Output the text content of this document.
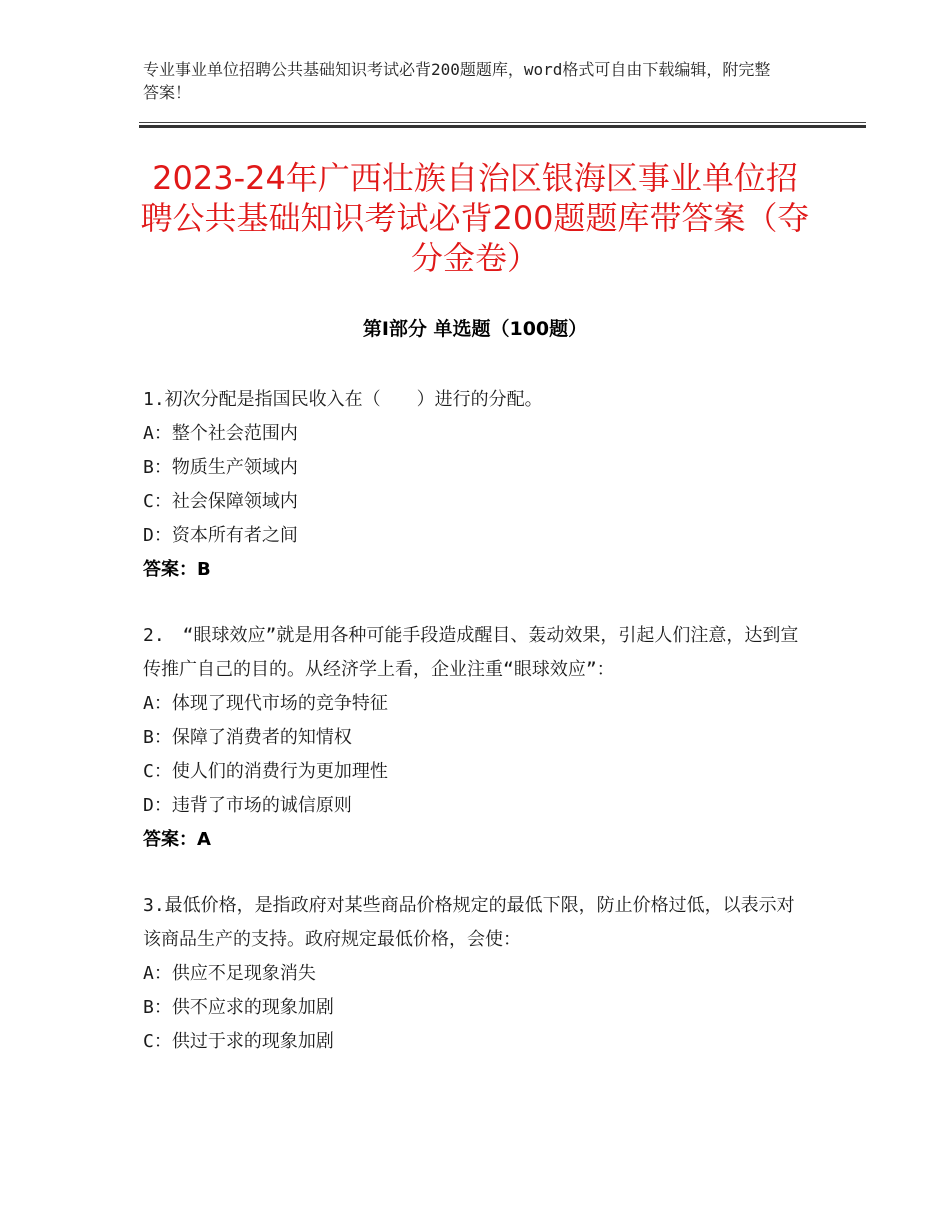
专业事业单位招聘公共基础知识考试必背200题题库，word格式可自由下载编辑，附完整答案！
2023-24年广西壮族自治区银海区事业单位招聘公共基础知识考试必背200题题库带答案（夺分金卷）
第Ⅰ部分 单选题（100题）
1.初次分配是指国民收入在（　　）进行的分配。
A：整个社会范围内
B：物质生产领域内
C：社会保障领域内
D：资本所有者之间
答案：B
2.　“眼球效应”就是用各种可能手段造成醒目、轰动效果，引起人们注意，达到宣传推广自己的目的。从经济学上看，企业注重“眼球效应”：
A：体现了现代市场的竞争特征
B：保障了消费者的知情权
C：使人们的消费行为更加理性
D：违背了市场的诚信原则
答案：A
3.最低价格，是指政府对某些商品价格规定的最低下限，防止价格过低，以表示对该商品生产的支持。政府规定最低价格，会使：
A：供应不足现象消失
B：供不应求的现象加剧
C：供过于求的现象加剧
